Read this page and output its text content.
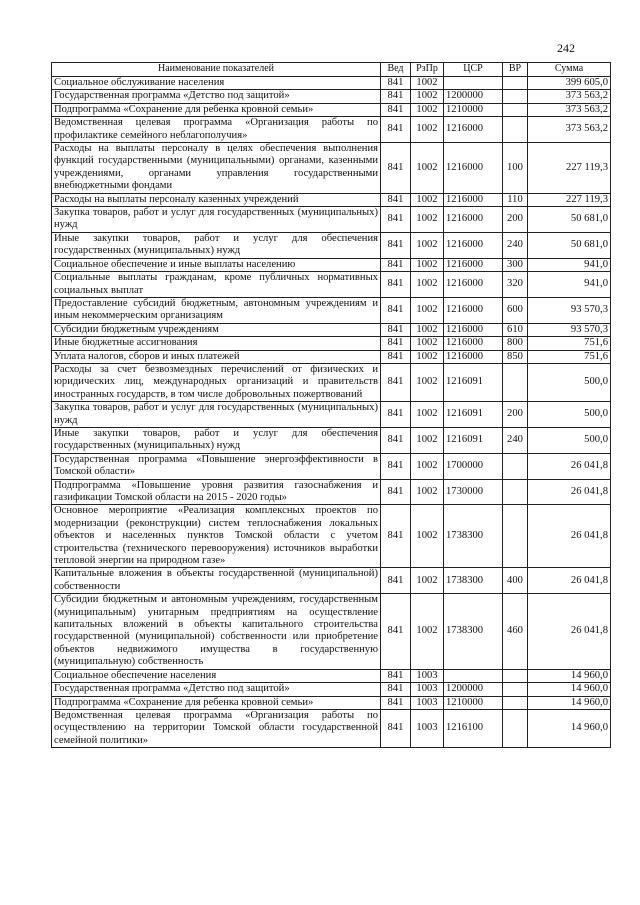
242
Наименование показателей	Вед	РзПр	ЦСР	ВР	Сумма
Социальное обслуживание населения	841	1002			399 605,0
Государственная программа «Детство под защитой»	841	1002	1200000		373 563,2
Подпрограмма «Сохранение для ребенка кровной семьи»	841	1002	1210000		373 563,2
Ведомственная целевая программа «Организация работы по профилактике семейного неблагополучия»	841	1002	1216000		373 563,2
Расходы на выплаты персоналу в целях обеспечения выполнения функций государственными (муниципальными) органами, казенными учреждениями, органами управления государственными внебюджетными фондами	841	1002	1216000	100	227 119,3
Расходы на выплаты персоналу казенных учреждений	841	1002	1216000	110	227 119,3
Закупка товаров, работ и услуг для государственных (муниципальных) нужд	841	1002	1216000	200	50 681,0
Иные закупки товаров, работ и услуг для обеспечения государственных (муниципальных) нужд	841	1002	1216000	240	50 681,0
Социальное обеспечение и иные выплаты населению	841	1002	1216000	300	941,0
Социальные выплаты гражданам, кроме публичных нормативных социальных выплат	841	1002	1216000	320	941,0
Предоставление субсидий бюджетным, автономным учреждениям и иным некоммерческим организациям	841	1002	1216000	600	93 570,3
Субсидии бюджетным учреждениям	841	1002	1216000	610	93 570,3
Иные бюджетные ассигнования	841	1002	1216000	800	751,6
Уплата налогов, сборов и иных платежей	841	1002	1216000	850	751,6
Расходы за счет безвозмездных перечислений от физических и юридических лиц, международных организаций и правительств иностранных государств, в том числе добровольных пожертвований	841	1002	1216091		500,0
Закупка товаров, работ и услуг для государственных (муниципальных) нужд	841	1002	1216091	200	500,0
Иные закупки товаров, работ и услуг для обеспечения государственных (муниципальных) нужд	841	1002	1216091	240	500,0
Государственная программа «Повышение энергоэффективности в Томской области»	841	1002	1700000		26 041,8
Подпрограмма «Повышение уровня развития газоснабжения и газификации Томской области на 2015 - 2020 годы»	841	1002	1730000		26 041,8
Основное мероприятие «Реализация комплексных проектов по модернизации (реконструкции) систем теплоснабжения локальных объектов и населенных пунктов Томской области с учетом строительства (технического перевооружения) источников выработки тепловой энергии на природном газе»	841	1002	1738300		26 041,8
Капитальные вложения в объекты государственной (муниципальной) собственности	841	1002	1738300	400	26 041,8
Субсидии бюджетным и автономным учреждениям, государственным (муниципальным) унитарным предприятиям на осуществление капитальных вложений в объекты капитального строительства государственной (муниципальной) собственности или приобретение объектов недвижимого имущества в государственную (муниципальную) собственность	841	1002	1738300	460	26 041,8
Социальное обеспечение населения	841	1003			14 960,0
Государственная программа «Детство под защитой»	841	1003	1200000		14 960,0
Подпрограмма «Сохранение для ребенка кровной семьи»	841	1003	1210000		14 960,0
Ведомственная целевая программа «Организация работы по осуществлению на территории Томской области государственной семейной политики»	841	1003	1216100		14 960,0
